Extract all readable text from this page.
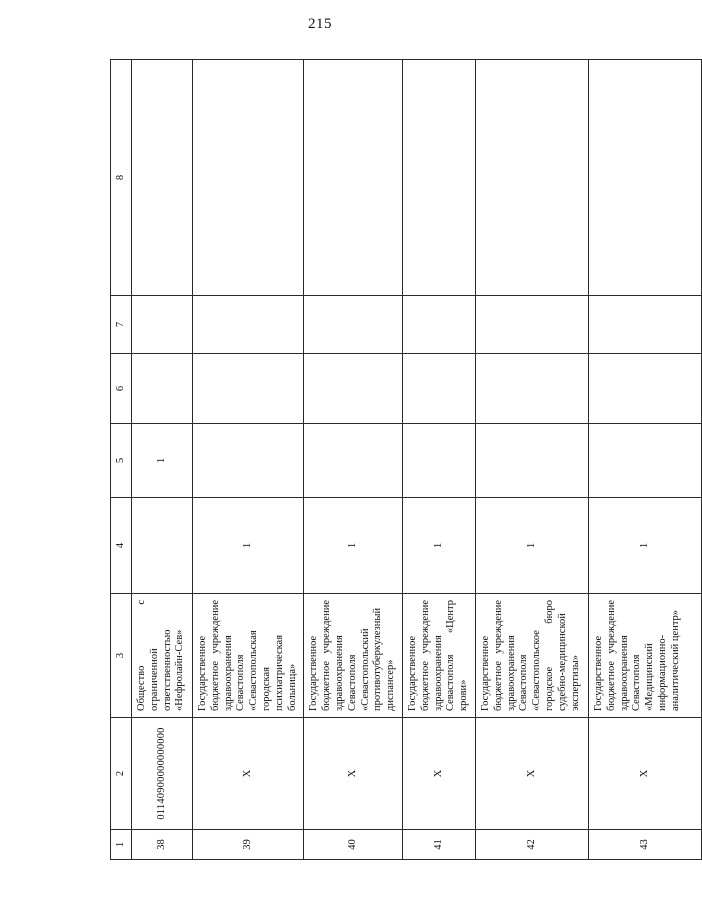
215
1	2	3	4	5	6	7	8
38	01140900000000000	Общество с ограниченной ответственностью «Нефролайн-Сев»		1			
39	X	Государственное бюджетное учреждение здравоохранения Севастополя «Севастопольская городская психиатрическая больница»	1				
40	X	Государственное бюджетное учреждение здравоохранения Севастополя «Севастопольский противотуберкулезный диспансер»	1				
41	X	Государственное бюджетное учреждение здравоохранения Севастополя «Центр крови»	1				
42	X	Государственное бюджетное учреждение здравоохранения Севастополя «Севастопольское городское бюро судебно-медицинской экспертизы»	1				
43	X	Государственное бюджетное учреждение здравоохранения Севастополя «Медицинский информационно-аналитический центр»	1				
